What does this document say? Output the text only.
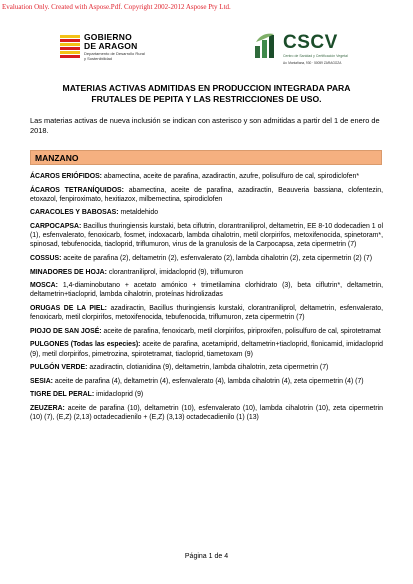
Evaluation Only. Created with Aspose.Pdf. Copyright 2002-2012 Aspose Pty Ltd.
GOBIERNO
DE ARAGON
Departamento de Desarrollo Rural
y Sostenibilidad
CSCV
Centro de Sanidad y Certificación Vegetal
Av. Montañana, 930 · 50059 ZARAGOZA
MATERIAS ACTIVAS ADMITIDAS EN PRODUCCION INTEGRADA PARA
FRUTALES DE PEPITA Y LAS RESTRICCIONES DE USO.
Las materias activas de nueva inclusión se indican con asterisco y son admitidas a partir del 1 de enero de 2018.
MANZANO
ÁCAROS ERIÓFIDOS: abamectina, aceite de parafina, azadiractin, azufre, polisulfuro de cal, spirodiclofen*
ÁCAROS TETRANÍQUIDOS: abamectina, aceite de parafina, azadiractin, Beauveria bassiana, clofentezin, etoxazol, fenpiroximato, hexitiazox, milbemectina, spirodiclofen
CARACOLES Y BABOSAS: metaldehido
CARPOCAPSA: Bacillus thuringiensis kurstaki, beta ciflutrin, clorantraniliprol, deltametrin, EE 8-10 dodecadien 1 ol (1), esfenvalerato, fenoxicarb, fosmet, indoxacarb, lambda cihalotrin, metil clorpirifos, metoxifenocida, spinetoram*, spinosad, tebufenocida, tiacloprid, triflumuron, virus de la granulosis de la Carpocapsa, zeta cipermetrin (7)
COSSUS: aceite de parafina (2), deltametrin (2), esfenvalerato (2), lambda cihalotrin (2), zeta cipermetrin (2) (7)
MINADORES DE HOJA: clorantraniliprol, imidacloprid (9), triflumuron
MOSCA: 1,4-diaminobutano + acetato amónico + trimetilamina clorhidrato (3), beta ciflutrin*, deltametrin, deltametrin+tiacloprid, lambda cihalotrin, proteínas hidrolizadas
ORUGAS DE LA PIEL: azadiractin, Bacillus thuringiensis kurstaki, clorantraniliprol, deltametrin, esfenvalerato, fenoxicarb, metil clorpirifos, metoxifenocida, tebufenocida, triflumuron, zeta cipermetrin (7)
PIOJO DE SAN JOSÉ: aceite de parafina, fenoxicarb, metil clorpirifos, piriproxifen, polisulfuro de cal, spirotetramat
PULGONES (Todas las especies): aceite de parafina, acetamiprid, deltametrin+tiacloprid, flonicamid, imidacloprid (9), metil clorpirifos, pimetrozina, spirotetramat, tiacloprid, tiametoxam (9)
PULGÓN VERDE: azadiractin, clotianidina (9), deltametrin, lambda cihalotrin, zeta cipermetrin (7)
SESIA: aceite de parafina (4), deltametrin (4), esfenvalerato (4), lambda cihalotrin (4), zeta cipermetrin (4) (7)
TIGRE DEL PERAL: imidacloprid (9)
ZEUZERA: aceite de parafina (10), deltametrin (10), esfenvalerato (10), lambda cihalotrin (10), zeta cipermetrin (10) (7), (E,Z) (2,13) octadecadienilo + (E,Z) (3,13) octadecadienilo (1) (13)
Página 1 de 4
